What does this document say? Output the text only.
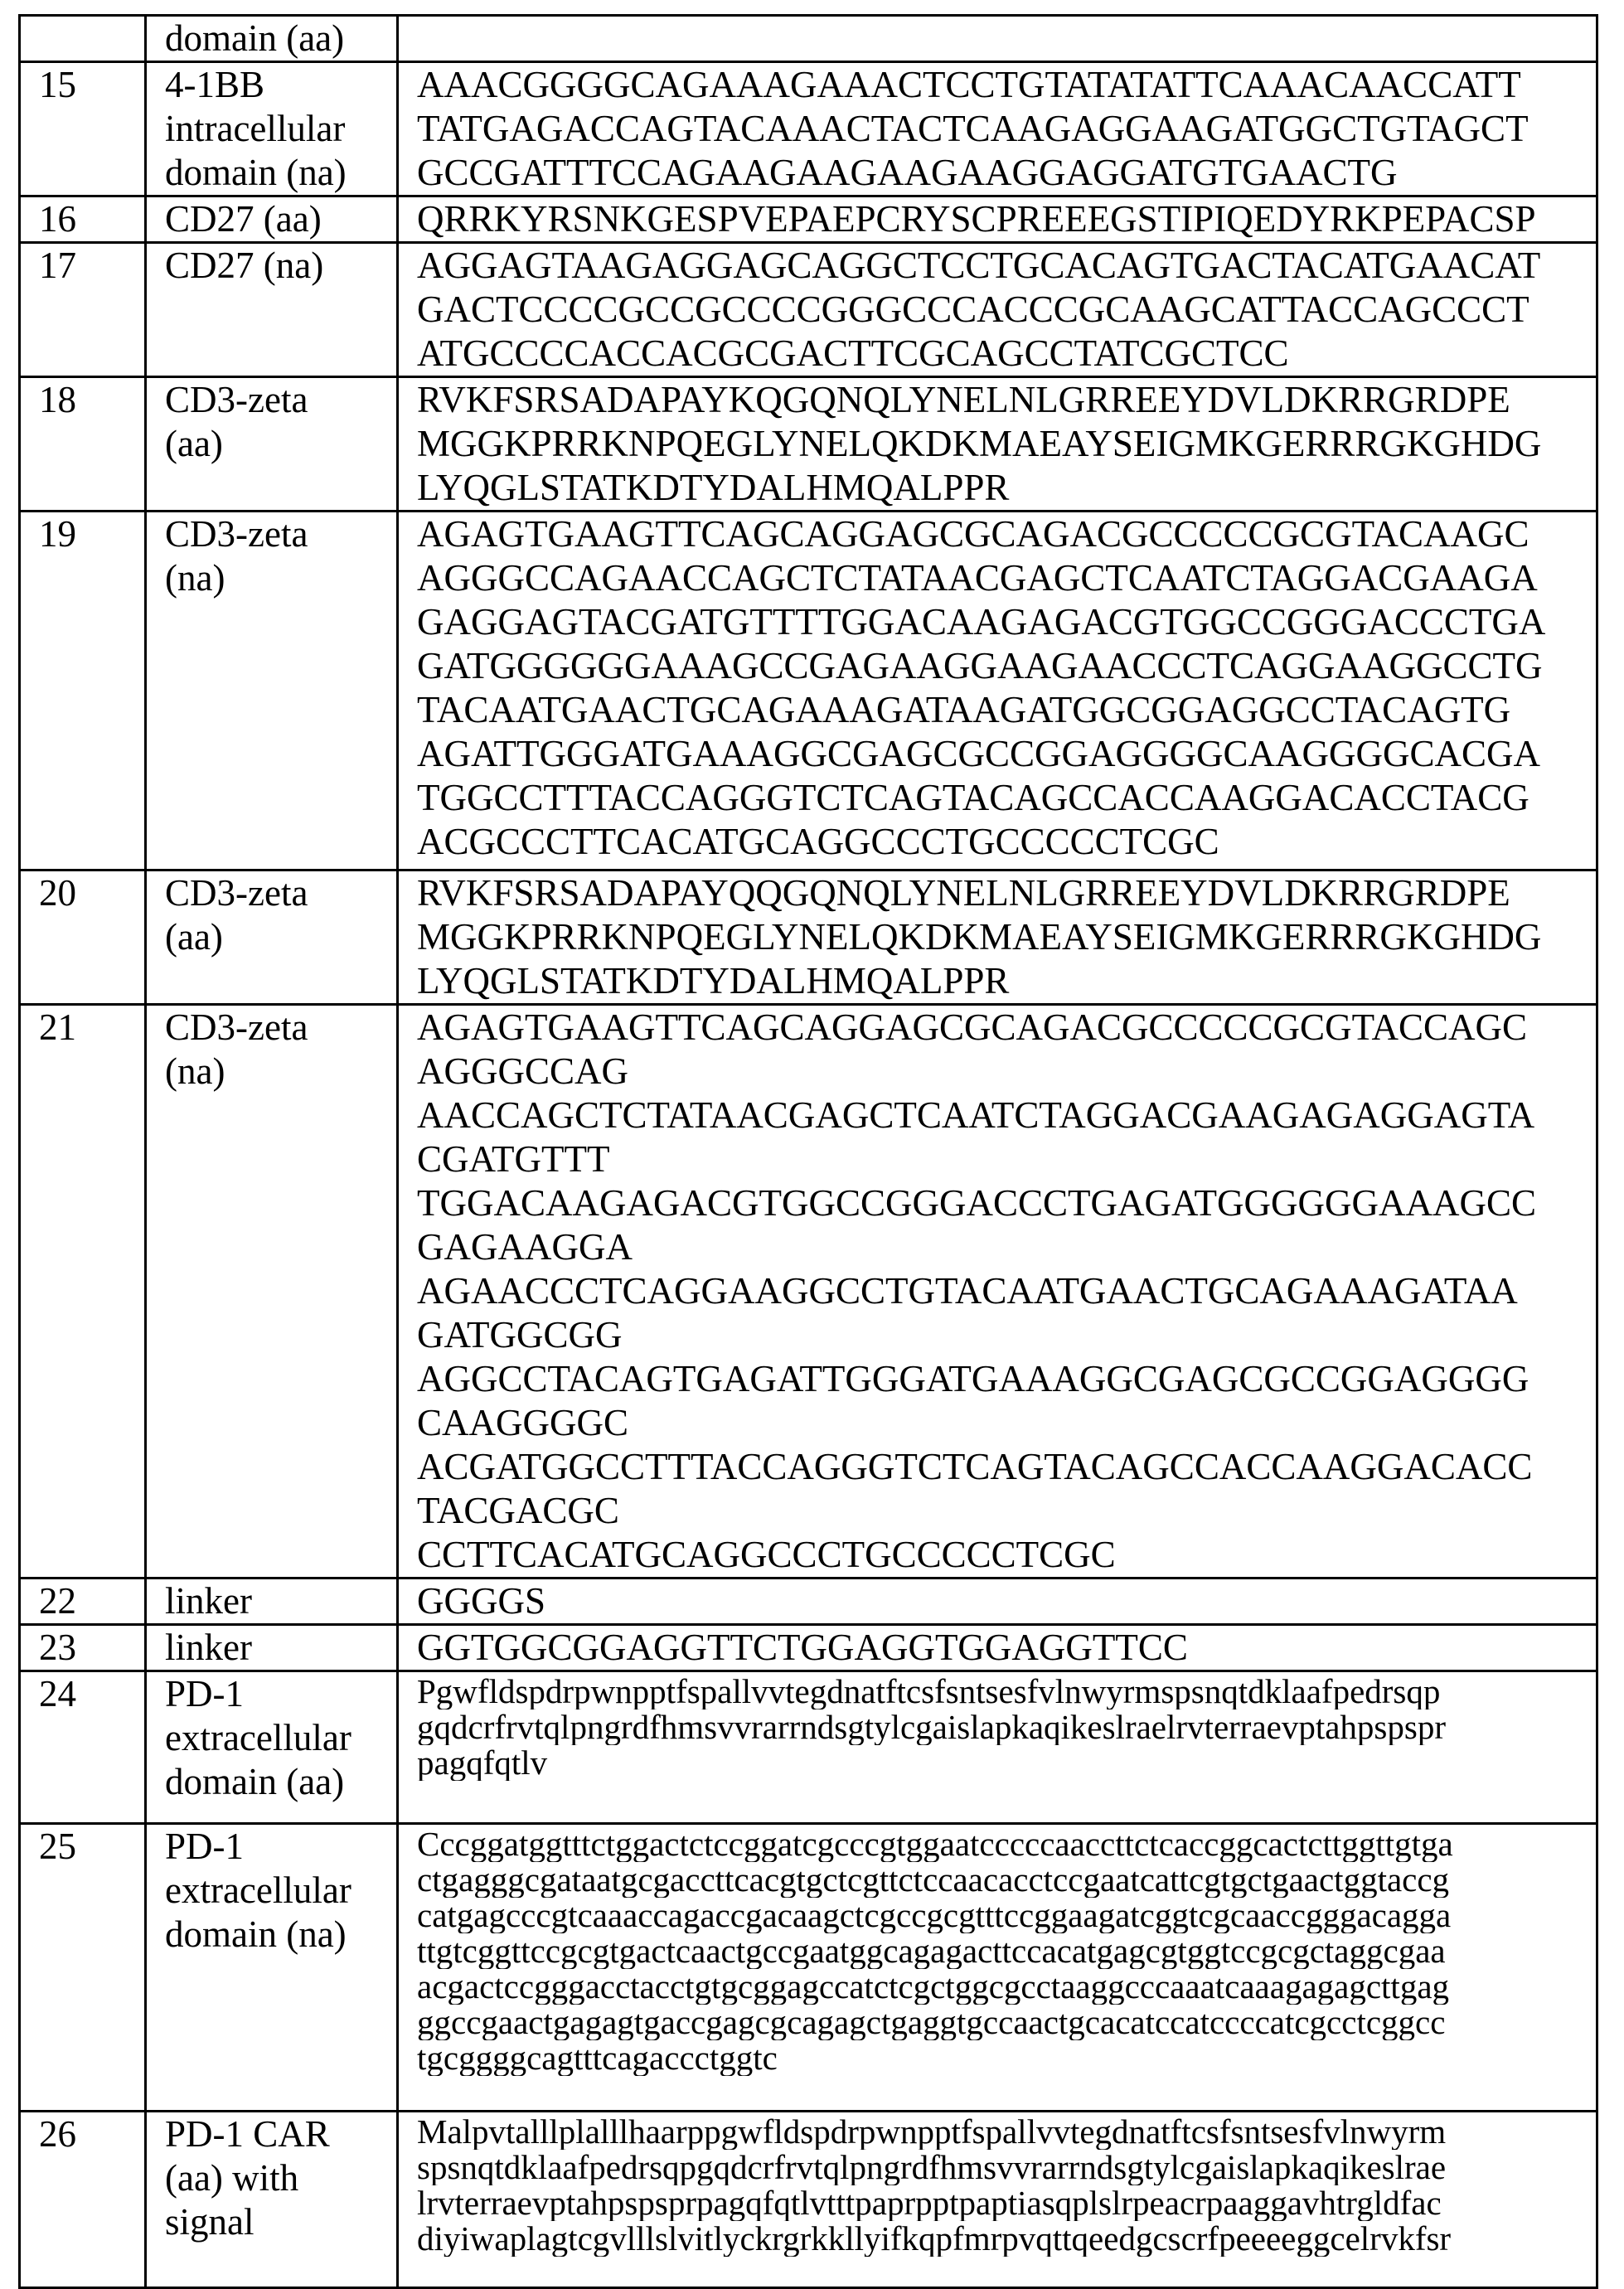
domain (aa)

15	4-1BB
intracellular
domain (na)

AAACGGGGCAGAAAGAAACTCCTGTATATATTCAAACAACCATT
TATGAGACCAGTACAAACTACTCAAGAGGAAGATGGCTGTAGCT
GCCGATTTCCAGAAGAAGAAGAAGGAGGATGTGAACTG

16	CD27 (aa)	QRRKYRSNKGESPVEPAEPCRYSCPREEEGSTIPIQEDYRKPEPACSP

17	CD27 (na)	AGGAGTAAGAGGAGCAGGCTCCTGCACAGTGACTACATGAACAT
GACTCCCCGCCGCCCCGGGCCCACCCGCAAGCATTACCAGCCCT
ATGCCCCACCACGCGACTTCGCAGCCTATCGCTCC

18	CD3-zeta
(aa)

RVKFSRSADAPAYKQGQNQLYNELNLGRREEYDVLDKRRGRDPE
MGGKPRRKNPQEGLYNELQKDKMAEAYSEIGMKGERRRGKGHDG
LYQGLSTATKDTYDALHMQALPPR

19	CD3-zeta
(na)

AGAGTGAAGTTCAGCAGGAGCGCAGACGCCCCCGCGTACAAGC
AGGGCCAGAACCAGCTCTATAACGAGCTCAATCTAGGACGAAGA
GAGGAGTACGATGTTTTGGACAAGAGACGTGGCCGGGACCCTGA
GATGGGGGGAAAGCCGAGAAGGAAGAACCCTCAGGAAGGCCTG
TACAATGAACTGCAGAAAGATAAGATGGCGGAGGCCTACAGTG
AGATTGGGATGAAAGGCGAGCGCCGGAGGGGCAAGGGGCACGA
TGGCCTTTACCAGGGTCTCAGTACAGCCACCAAGGACACCTACG
ACGCCCTTCACATGCAGGCCCTGCCCCCTCGC

20	CD3-zeta
(aa)

RVKFSRSADAPAYQQGQNQLYNELNLGRREEYDVLDKRRGRDPE
MGGKPRRKNPQEGLYNELQKDKMAEAYSEIGMKGERRRGKGHDG
LYQGLSTATKDTYDALHMQALPPR

21	CD3-zeta
(na)

AGAGTGAAGTTCAGCAGGAGCGCAGACGCCCCCGCGTACCAGC
AGGGCCAG
AACCAGCTCTATAACGAGCTCAATCTAGGACGAAGAGAGGAGTA
CGATGTTT
TGGACAAGAGACGTGGCCGGGACCCTGAGATGGGGGGAAAGCC
GAGAAGGA
AGAACCCTCAGGAAGGCCTGTACAATGAACTGCAGAAAGATAA
GATGGCGG
AGGCCTACAGTGAGATTGGGATGAAAGGCGAGCGCCGGAGGGG
CAAGGGGC
ACGATGGCCTTTACCAGGGTCTCAGTACAGCCACCAAGGACACC
TACGACGC
CCTTCACATGCAGGCCCTGCCCCCTCGC

22	linker	GGGGS

23	linker	GGTGGCGGAGGTTCTGGAGGTGGAGGTTCC

24	PD-1
extracellular
domain (aa)

Pgwfldspdrpwnpptfspallvvtegdnatftcsfsntsesfvlnwyrmspsnqtdklaafpedrsqp
gqdcrfrvtqlpngrdfhmsvvrarrndsgtylcgaislapkaqikeslraelrvterraevptahpspspr
pagqfqtlv

25	PD-1
extracellular
domain (na)

Cccggatggtttctggactctccggatcgcccgtggaatcccccaaccttctcaccggcactcttggttgtga
ctgagggcgataatgcgaccttcacgtgctcgttctccaacacctccgaatcattcgtgctgaactggtaccg
catgagcccgtcaaaccagaccgacaagctcgccgcgtttccggaagatcggtcgcaaccgggacagga
ttgtcggttccgcgtgactcaactgccgaatggcagagacttccacatgagcgtggtccgcgctaggcgaa
acgactccgggacctacctgtgcggagccatctcgctggcgcctaaggcccaaatcaaagagagcttgag
ggccgaactgagagtgaccgagcgcagagctgaggtgccaactgcacatccatccccatcgcctcggcc
tgcggggcagtttcagaccctggtc

26	PD-1 CAR
(aa) with
signal

Malpvtalllplalllhaarppgwfldspdrpwnpptfspallvvtegdnatftcsfsntsesfvlnwyrm
spsnqtdklaafpedrsqpgqdcrfrvtqlpngrdfhmsvvrarrndsgtylcgaislapkaqikeslrae
lrvterraevptahpspsprpagqfqtlvtttpaprpptpaptiasqplslrpeacrpaaggavhtrgldfac
diyiwaplagtcgvlllslvitlyckrgrkkllyifkqpfmrpvqttqeedgcscrfpeeeeggcelrvkfsr
